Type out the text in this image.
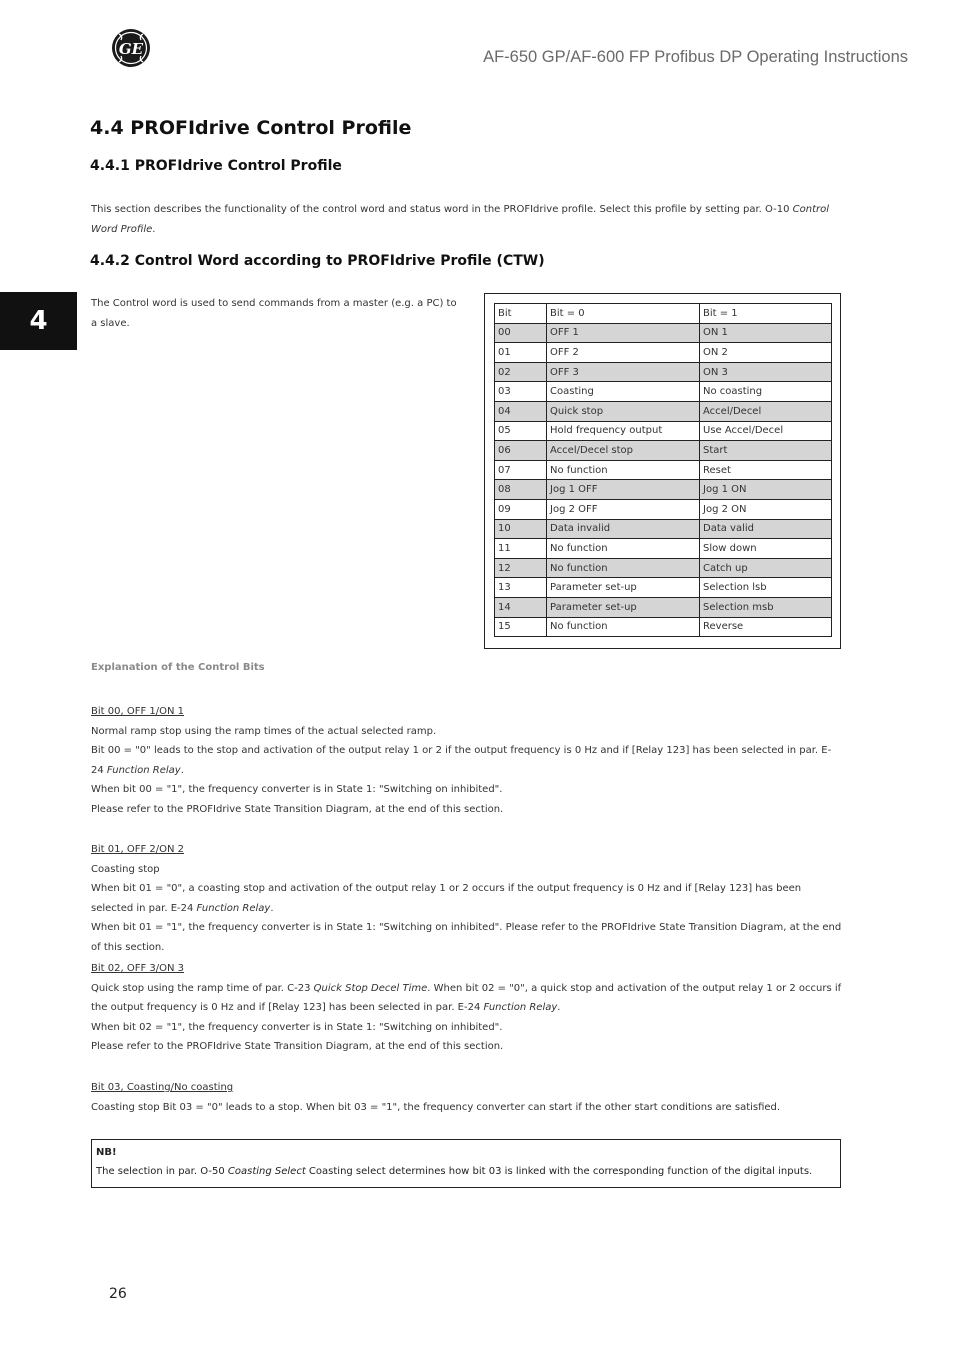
GE	AF-650 GP/AF-600 FP Profibus DP Operating Instructions
4
4.4 PROFIdrive Control Profile
4.4.1 PROFIdrive Control Profile
This section describes the functionality of the control word and status word in the PROFIdrive profile. Select this profile by setting par. O-10 Control Word Profile.
4.4.2 Control Word according to PROFIdrive Profile (CTW)
The Control word is used to send commands from a master (e.g. a PC) to a slave.
Bit	Bit = 0	Bit = 1
00	OFF 1	ON 1
01	OFF 2	ON 2
02	OFF 3	ON 3
03	Coasting	No coasting
04	Quick stop	Accel/Decel
05	Hold frequency output	Use Accel/Decel
06	Accel/Decel stop	Start
07	No function	Reset
08	Jog 1 OFF	Jog 1 ON
09	Jog 2 OFF	Jog 2 ON
10	Data invalid	Data valid
11	No function	Slow down
12	No function	Catch up
13	Parameter set-up	Selection lsb
14	Parameter set-up	Selection msb
15	No function	Reverse
Explanation of the Control Bits
Bit 00, OFF 1/ON 1
Normal ramp stop using the ramp times of the actual selected ramp.
Bit 00 = "0" leads to the stop and activation of the output relay 1 or 2 if the output frequency is 0 Hz and if [Relay 123] has been selected in par. E-24 Function Relay.
When bit 00 = "1", the frequency converter is in State 1: "Switching on inhibited".
Please refer to the PROFIdrive State Transition Diagram, at the end of this section.
Bit 01, OFF 2/ON 2
Coasting stop
When bit 01 = "0", a coasting stop and activation of the output relay 1 or 2 occurs if the output frequency is 0 Hz and if [Relay 123] has been selected in par. E-24 Function Relay.
When bit 01 = "1", the frequency converter is in State 1: "Switching on inhibited". Please refer to the PROFIdrive State Transition Diagram, at the end of this section.
Bit 02, OFF 3/ON 3
Quick stop using the ramp time of par. C-23 Quick Stop Decel Time. When bit 02 = "0", a quick stop and activation of the output relay 1 or 2 occurs if the output frequency is 0 Hz and if [Relay 123] has been selected in par. E-24 Function Relay.
When bit 02 = "1", the frequency converter is in State 1: "Switching on inhibited".
Please refer to the PROFIdrive State Transition Diagram, at the end of this section.
Bit 03, Coasting/No coasting
Coasting stop Bit 03 = "0" leads to a stop. When bit 03 = "1", the frequency converter can start if the other start conditions are satisfied.
NB!
The selection in par. O-50 Coasting Select Coasting select determines how bit 03 is linked with the corresponding function of the digital inputs.
26
